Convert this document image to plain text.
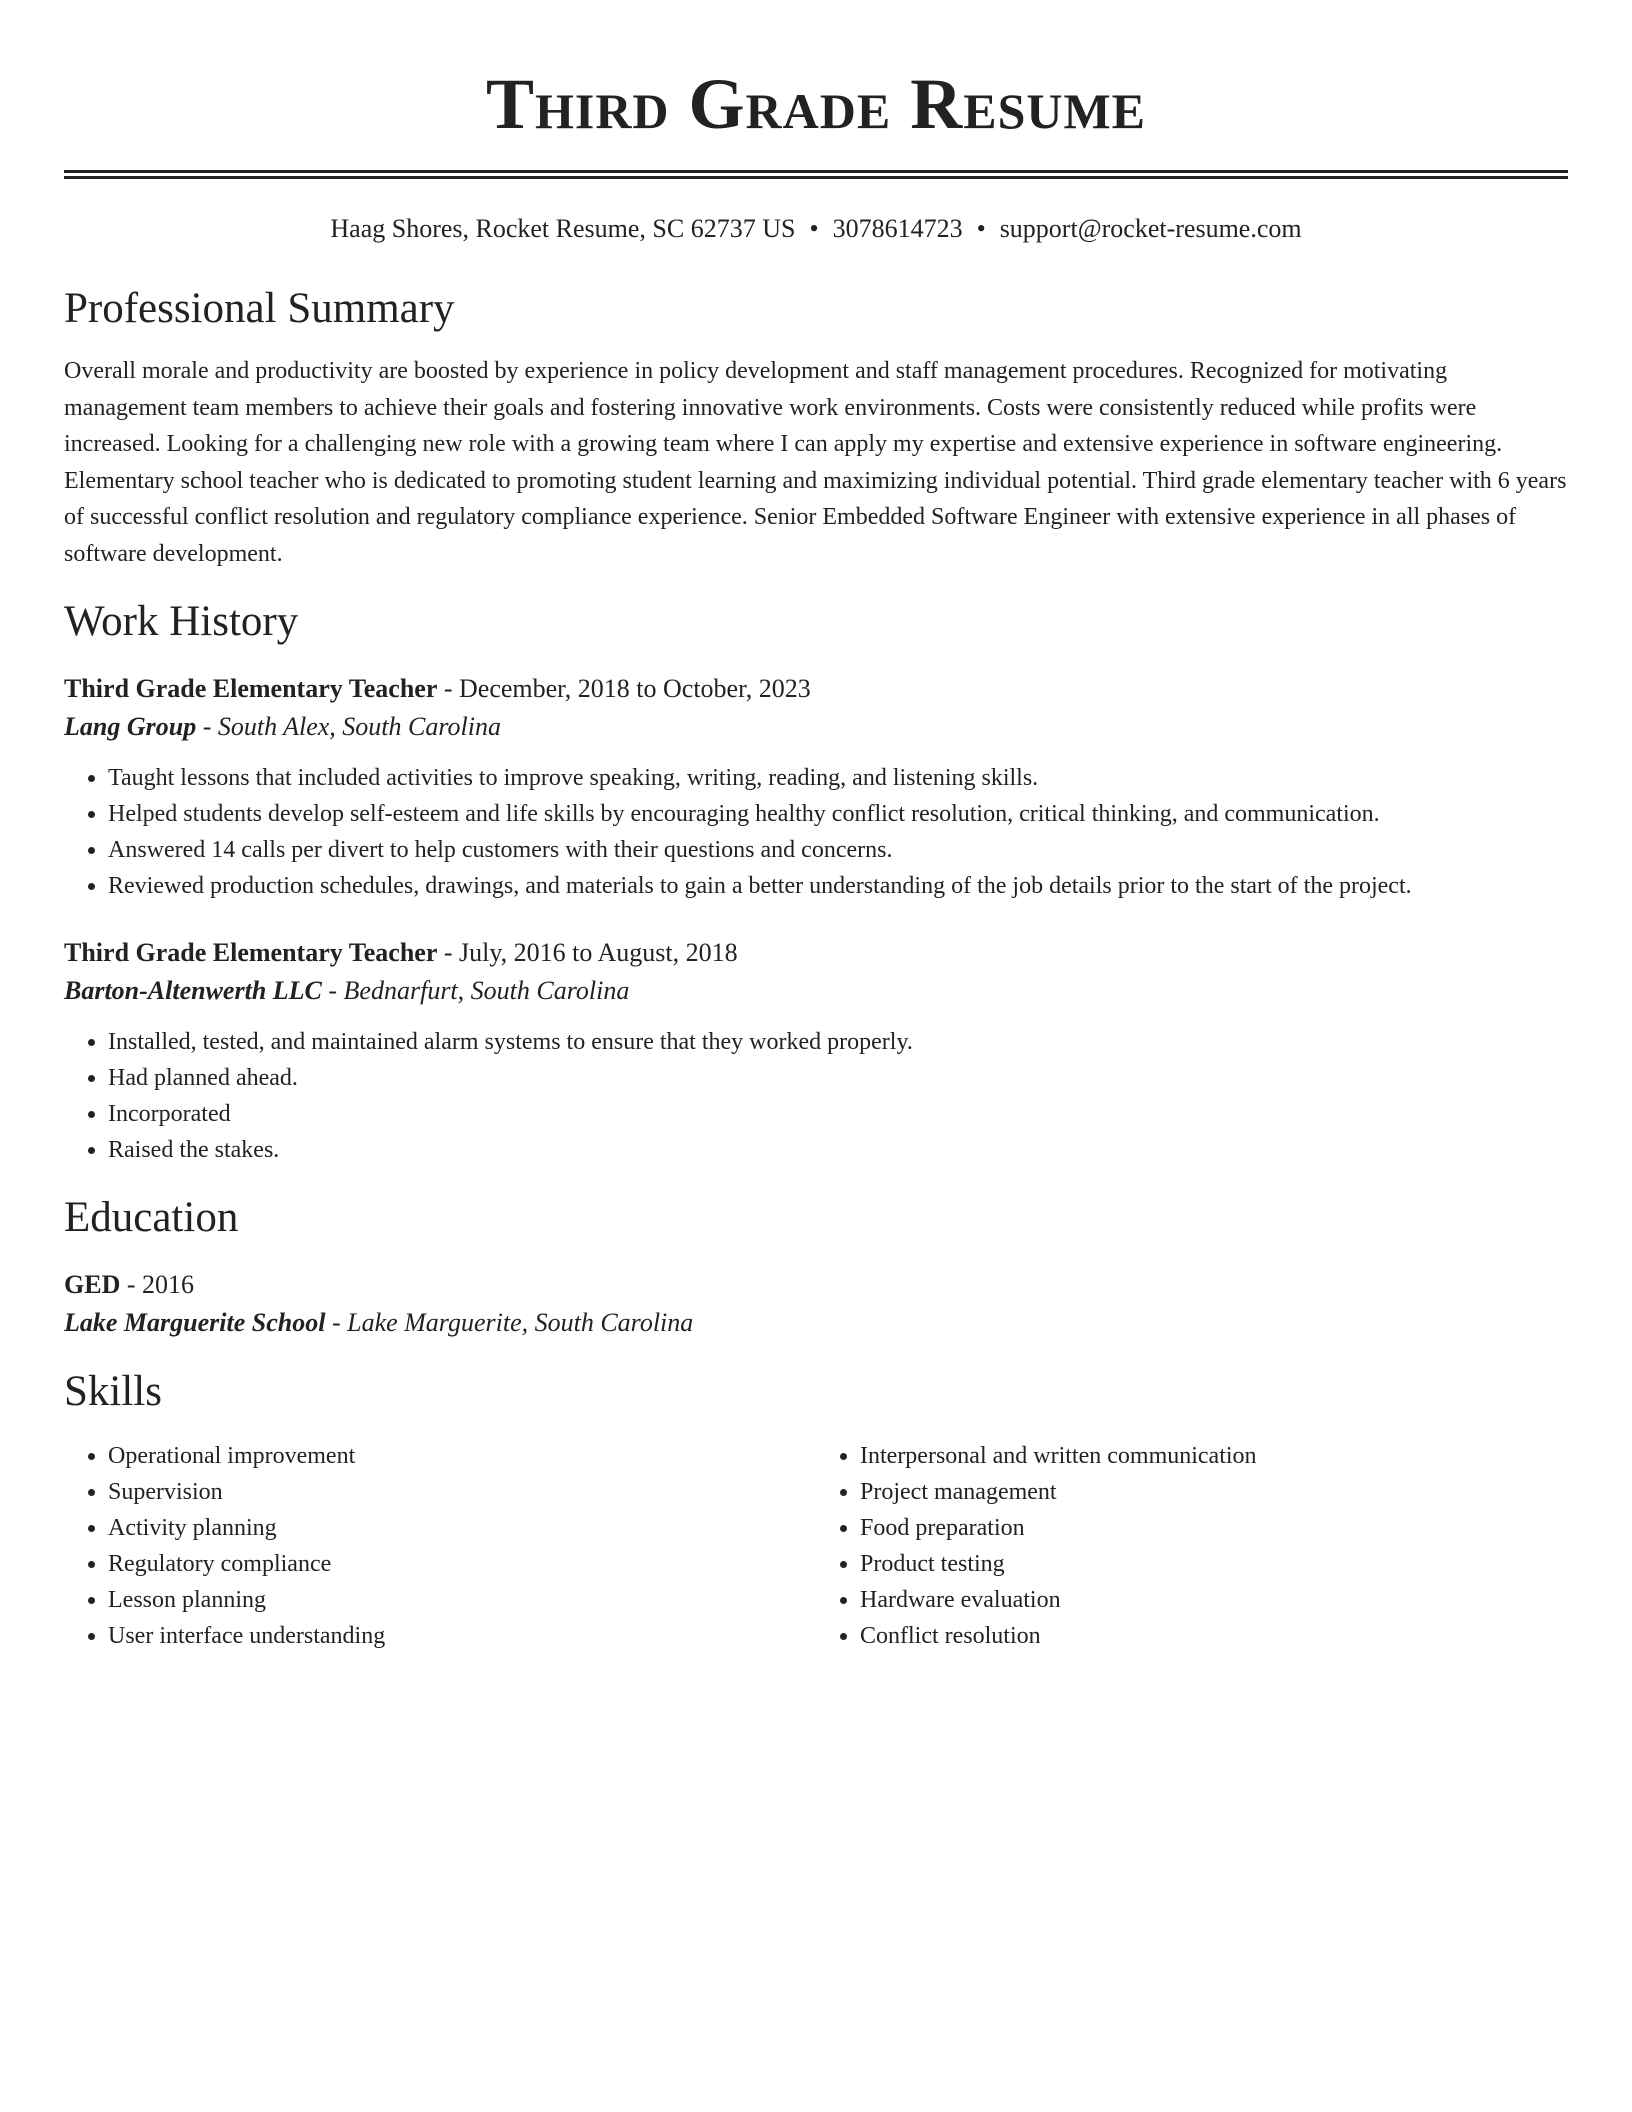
Third Grade Resume
Haag Shores, Rocket Resume, SC 62737 US • 3078614723 • support@rocket-resume.com
Professional Summary

Overall morale and productivity are boosted by experience in policy development and staff management procedures. Recognized for motivating management team members to achieve their goals and fostering innovative work environments. Costs were consistently reduced while profits were increased. Looking for a challenging new role with a growing team where I can apply my expertise and extensive experience in software engineering. Elementary school teacher who is dedicated to promoting student learning and maximizing individual potential. Third grade elementary teacher with 6 years of successful conflict resolution and regulatory compliance experience. Senior Embedded Software Engineer with extensive experience in all phases of software development.

Work History
Third Grade Elementary Teacher - December, 2018 to October, 2023
Lang Group - South Alex, South Carolina
• Taught lessons that included activities to improve speaking, writing, reading, and listening skills.
• Helped students develop self-esteem and life skills by encouraging healthy conflict resolution, critical thinking, and communication.
• Answered 14 calls per divert to help customers with their questions and concerns.
• Reviewed production schedules, drawings, and materials to gain a better understanding of the job details prior to the start of the project.
Third Grade Elementary Teacher - July, 2016 to August, 2018
Barton-Altenwerth LLC - Bednarfurt, South Carolina
• Installed, tested, and maintained alarm systems to ensure that they worked properly.
• Had planned ahead.
• Incorporated
• Raised the stakes.
Education
GED - 2016
Lake Marguerite School - Lake Marguerite, South Carolina
Skills
• Operational improvement
• Supervision
• Activity planning
• Regulatory compliance
• Lesson planning
• User interface understanding
• Interpersonal and written communication
• Project management
• Food preparation
• Product testing
• Hardware evaluation
• Conflict resolution
